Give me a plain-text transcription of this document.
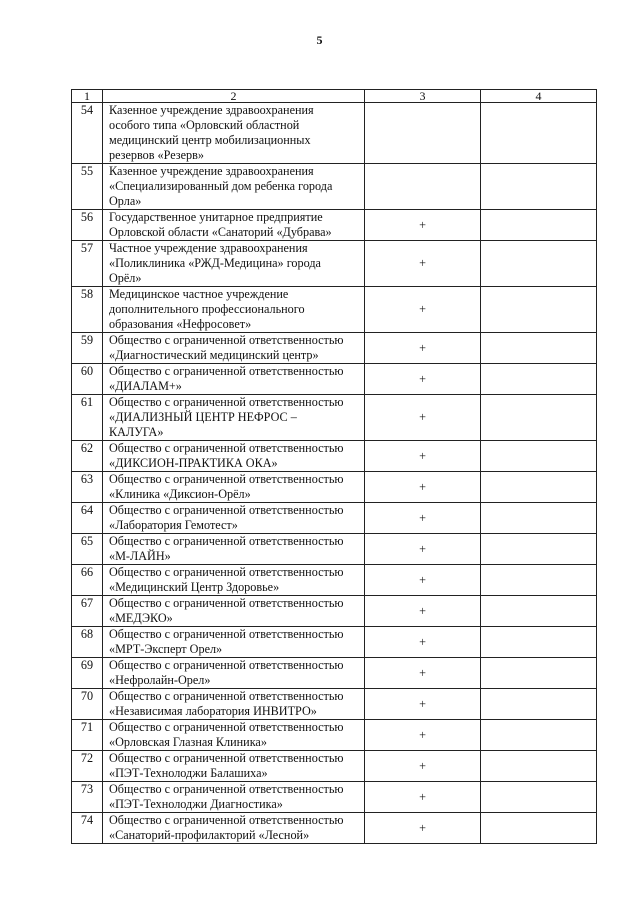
5
1	2	3	4
54	Казенное учреждение здравоохранения
особого типа «Орловский областной
медицинский центр мобилизационных
резервов «Резерв»		

55	Казенное учреждение здравоохранения
«Специализированный дом ребенка города
Орла»		

56	Государственное унитарное предприятие
Орловской области «Санаторий «Дубрава»	+	
57	Частное учреждение здравоохранения
«Поликлиника «РЖД-Медицина» города
Орёл»	+	
58	Медицинское частное учреждение
дополнительного профессионального
образования «Нефросовет»	+	
59	Общество с ограниченной ответственностью
«Диагностический медицинский центр»	+	
60	Общество с ограниченной ответственностью
«ДИАЛАМ+»	+	
61	Общество с ограниченной ответственностью
«ДИАЛИЗНЫЙ ЦЕНТР НЕФРОС –
КАЛУГА»	+	
62	Общество с ограниченной ответственностью
«ДИКСИОН-ПРАКТИКА ОКА»	+	
63	Общество с ограниченной ответственностью
«Клиника «Диксион-Орёл»	+	
64	Общество с ограниченной ответственностью
«Лаборатория Гемотест»	+	
65	Общество с ограниченной ответственностью
«М-ЛАЙН»	+	
66	Общество с ограниченной ответственностью
«Медицинский Центр Здоровье»	+	
67	Общество с ограниченной ответственностью
«МЕДЭКО»	+	
68	Общество с ограниченной ответственностью
«МРТ-Эксперт Орел»	+	
69	Общество с ограниченной ответственностью
«Нефролайн-Орел»	+	
70	Общество с ограниченной ответственностью
«Независимая лаборатория ИНВИТРО»	+	
71	Общество с ограниченной ответственностью
«Орловская Глазная Клиника»	+	
72	Общество с ограниченной ответственностью
«ПЭТ-Технолоджи Балашиха»	+	
73	Общество с ограниченной ответственностью
«ПЭТ-Технолоджи Диагностика»	+	
74	Общество с ограниченной ответственностью
«Санаторий-профилакторий «Лесной»	+	
